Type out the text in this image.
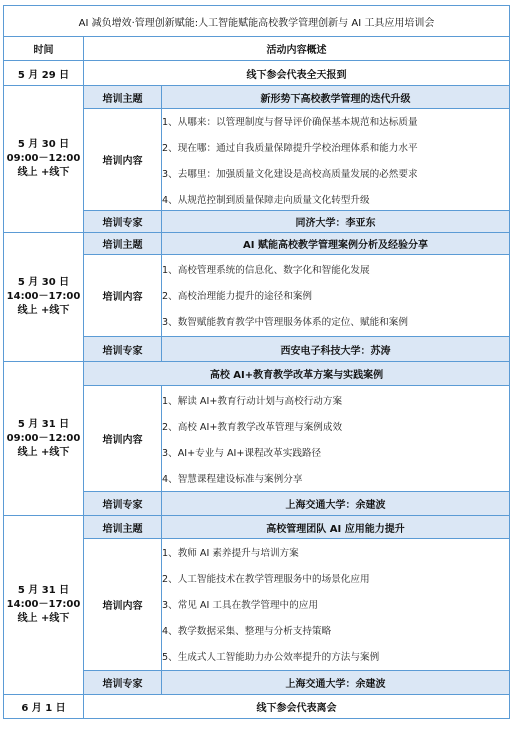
AI 减负增效·管理创新赋能:人工智能赋能高校教学管理创新与 AI 工具应用培训会		
时间	活动内容概述	
5 月 29 日	线下参会代表全天报到	

5 月 30 日
09:00－12:00
线上 +线下	培训主题	新形势下高校教学管理的迭代升级
	培训内容	1、从哪来：以管理制度与督导评价确保基本规范和达标质量
2、现在哪：通过自我质量保障提升学校治理体系和能力水平
3、去哪里：加强质量文化建设是高校高质量发展的必然要求
4、从规范控制到质量保障走向质量文化转型升级

	培训专家	同济大学：李亚东

5 月 30 日
14:00－17:00
线上 +线下	培训主题	AI 赋能高校教学管理案例分析及经验分享
	培训内容	1、高校管理系统的信息化、数字化和智能化发展
2、高校治理能力提升的途径和案例
3、数智赋能教育教学中管理服务体系的定位、赋能和案例

	培训专家	西安电子科技大学：苏涛

5 月 31 日
09:00－12:00
线上 +线下	高校 AI+教育教学改革方案与实践案例	
	培训内容	1、解读 AI+教育行动计划与高校行动方案
2、高校 AI+教育教学改革管理与案例成效
3、AI+专业与 AI+课程改革实践路径
4、智慧课程建设标准与案例分享

	培训专家	上海交通大学：余建波

5 月 31 日
14:00－17:00
线上 +线下	培训主题	高校管理团队 AI 应用能力提升
	培训内容	1、教师 AI 素养提升与培训方案
2、人工智能技术在教学管理服务中的场景化应用
3、常见 AI 工具在教学管理中的应用
4、教学数据采集、整理与分析支持策略
5、生成式人工智能助力办公效率提升的方法与案例

	培训专家	上海交通大学：余建波
6 月 1 日	线下参会代表离会	
